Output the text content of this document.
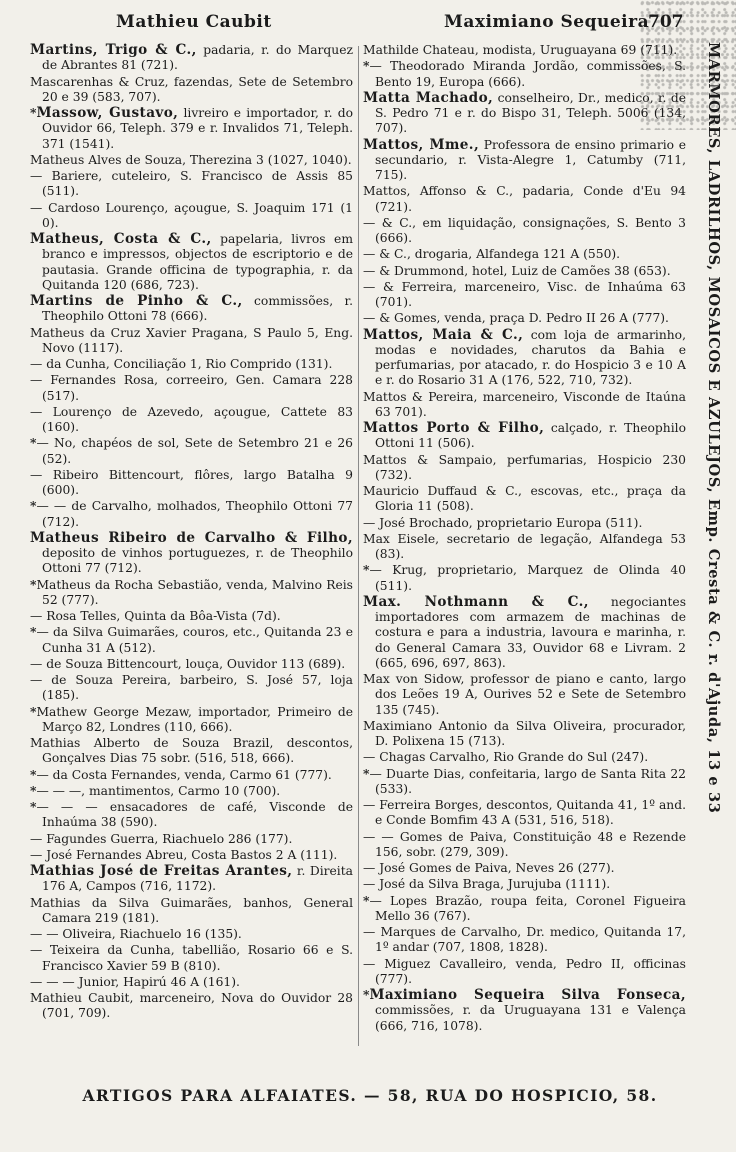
Mathieu Caubit	Maximiano Sequeira
707
Martins, Trigo & C., padaria, r. do Marquez de Abrantes 81 (721).
Mascarenhas & Cruz, fazendas, Sete de Setembro 20 e 39 (583, 707).
*Massow, Gustavo, livreiro e importador, r. do Ouvidor 66, Teleph. 379 e r. Invalidos 71, Teleph. 371 (1541).
Matheus Alves de Souza, Therezina 3 (1027, 1040).
— Bariere, cuteleiro, S. Francisco de Assis 85 (511).
— Cardoso Lourenço, açougue, S. Joaquim 171 (1 0).
Matheus, Costa & C., papelaria, livros em branco e impressos, objectos de escriptorio e de pautasia. Grande officina de typographia, r. da Quitanda 120 (686, 723).
Martins de Pinho & C., commissões, r. Theophilo Ottoni 78 (666).
Matheus da Cruz Xavier Pragana, S Paulo 5, Eng. Novo (1117).
— da Cunha, Conciliação 1, Rio Comprido (131).
— Fernandes Rosa, correeiro, Gen. Camara 228 (517).
— Lourenço de Azevedo, açougue, Cattete 83 (160).
*— No, chapéos de sol, Sete de Setembro 21 e 26 (52).
— Ribeiro Bittencourt, flôres, largo Batalha 9 (600).
*— — de Carvalho, molhados, Theophilo Ottoni 77 (712).
Matheus Ribeiro de Carvalho & Filho, deposito de vinhos portuguezes, r. de Theophilo Ottoni 77 (712).
*Matheus da Rocha Sebastião, venda, Malvino Reis 52 (777).
— Rosa Telles, Quinta da Bôa-Vista (7d).
*— da Silva Guimarães, couros, etc., Quitanda 23 e Cunha 31 A (512).
— de Souza Bittencourt, louça, Ouvidor 113 (689).
— de Souza Pereira, barbeiro, S. José 57, loja (185).
*Mathew George Mezaw, importador, Primeiro de Março 82, Londres (110, 666).
Mathias Alberto de Souza Brazil, descontos, Gonçalves Dias 75 sobr. (516, 518, 666).
*— da Costa Fernandes, venda, Carmo 61 (777).
*— — —, mantimentos, Carmo 10 (700).
*— — — ensacadores de café, Visconde de Inhaúma 38 (590).
— Fagundes Guerra, Riachuelo 286 (177).
— José Fernandes Abreu, Costa Bastos 2 A (111).
Mathias José de Freitas Arantes, r. Direita 176 A, Campos (716, 1172).
Mathias da Silva Guimarães, banhos, General Camara 219 (181).
— — Oliveira, Riachuelo 16 (135).
— Teixeira da Cunha, tabellião, Rosario 66 e S. Francisco Xavier 59 B (810).
— — — Junior, Hapirú 46 A (161).
Mathieu Caubit, marceneiro, Nova do Ouvidor 28 (701, 709).
Mathilde Chateau, modista, Uruguayana 69 (711).
*— Theodorado Miranda Jordão, commissões, S. Bento 19, Europa (666).
Matta Machado, conselheiro, Dr., medico, r. de S. Pedro 71 e r. do Bispo 31, Teleph. 5006 (134, 707).
Mattos, Mme., Professora de ensino primario e secundario, r. Vista-Alegre 1, Catumby (711, 715).
Mattos, Affonso & C., padaria, Conde d'Eu 94 (721).
— & C., em liquidação, consignações, S. Bento 3 (666).
— & C., drogaria, Alfandega 121 A (550).
— & Drummond, hotel, Luiz de Camões 38 (653).
— & Ferreira, marceneiro, Visc. de Inhaúma 63 (701).
— & Gomes, venda, praça D. Pedro II 26 A (777).
Mattos, Maia & C., com loja de armarinho, modas e novidades, charutos da Bahia e perfumarias, por atacado, r. do Hospicio 3 e 10 A e r. do Rosario 31 A (176, 522, 710, 732).
Mattos & Pereira, marceneiro, Visconde de Itaúna 63 701).
Mattos Porto & Filho, calçado, r. Theophilo Ottoni 11 (506).
Mattos & Sampaio, perfumarias, Hospicio 230 (732).
Mauricio Duffaud & C., escovas, etc., praça da Gloria 11 (508).
— José Brochado, proprietario Europa (511).
Max Eisele, secretario de legação, Alfandega 53 (83).
*— Krug, proprietario, Marquez de Olinda 40 (511).
Max. Nothmann & C., negociantes importadores com armazem de machinas de costura e para a industria, lavoura e marinha, r. do General Camara 33, Ouvidor 68 e Livram. 2 (665, 696, 697, 863).
Max von Sidow, professor de piano e canto, largo dos Leões 19 A, Ourives 52 e Sete de Setembro 135 (745).
Maximiano Antonio da Silva Oliveira, procurador, D. Polixena 15 (713).
— Chagas Carvalho, Rio Grande do Sul (247).
*— Duarte Dias, confeitaria, largo de Santa Rita 22 (533).
— Ferreira Borges, descontos, Quitanda 41, 1º and. e Conde Bomfim 43 A (531, 516, 518).
— — Gomes de Paiva, Constituição 48 e Rezende 156, sobr. (279, 309).
— José Gomes de Paiva, Neves 26 (277).
— José da Silva Braga, Jurujuba (1111).
*— Lopes Brazão, roupa feita, Coronel Figueira Mello 36 (767).
— Marques de Carvalho, Dr. medico, Quitanda 17, 1º andar (707, 1808, 1828).
— Miguez Cavalleiro, venda, Pedro II, officinas (777).
*Maximiano Sequeira Silva Fonseca, commissões, r. da Uruguayana 131 e Valença (666, 716, 1078).
MARMORES, LADRILHOS, MOSAICOS E AZULEJOS, Emp. Cresta & C. r. d'Ajuda, 13 e 33
ARTIGOS PARA ALFAIATES. — 58, RUA DO HOSPICIO, 58.
